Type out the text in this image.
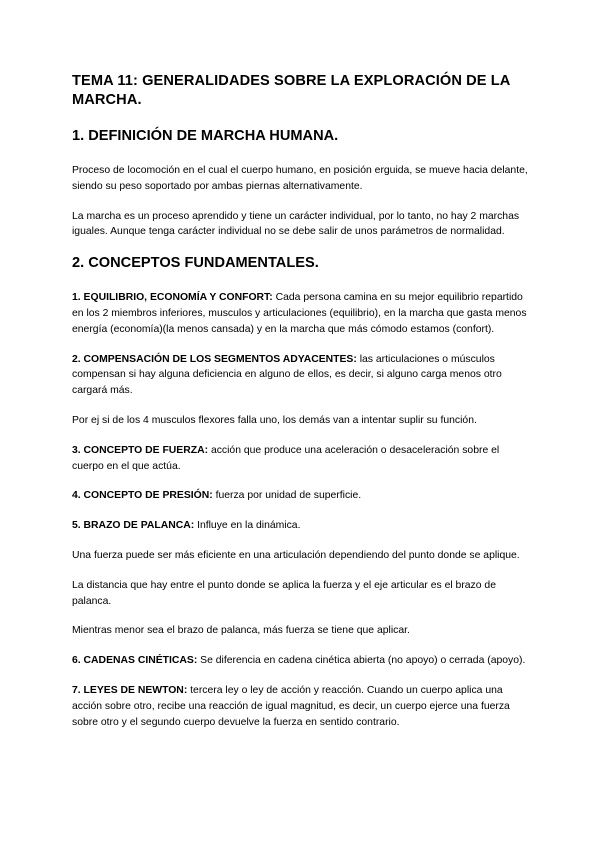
TEMA 11: GENERALIDADES SOBRE LA EXPLORACIÓN DE LA MARCHA.
1. DEFINICIÓN DE MARCHA HUMANA.

Proceso de locomoción en el cual el cuerpo humano, en posición erguida, se mueve hacia delante, siendo su peso soportado por ambas piernas alternativamente.

La marcha es un proceso aprendido y tiene un carácter individual, por lo tanto, no hay 2 marchas iguales. Aunque tenga carácter individual no se debe salir de unos parámetros de normalidad.

2. CONCEPTOS FUNDAMENTALES.

1. EQUILIBRIO, ECONOMÍA Y CONFORT: Cada persona camina en su mejor equilibrio repartido en los 2 miembros inferiores, musculos y articulaciones (equilibrio), en la marcha que gasta menos energía (economía)(la menos cansada) y en la marcha que más cómodo estamos (confort).

2. COMPENSACIÓN DE LOS SEGMENTOS ADYACENTES: las articulaciones o músculos compensan si hay alguna deficiencia en alguno de ellos, es decir, si alguno carga menos otro cargará más.

Por ej si de los 4 musculos flexores falla uno, los demás van a intentar suplir su función.

3. CONCEPTO DE FUERZA: acción que produce una aceleración o desaceleración sobre el cuerpo en el que actúa.

4. CONCEPTO DE PRESIÓN: fuerza por unidad de superficie.

5. BRAZO DE PALANCA: Influye en la dinámica.

Una fuerza puede ser más eficiente en una articulación dependiendo del punto donde se aplique.

La distancia que hay entre el punto donde se aplica la fuerza y el eje articular es el brazo de palanca.

Mientras menor sea el brazo de palanca, más fuerza se tiene que aplicar.

6. CADENAS CINÉTICAS: Se diferencia en cadena cinética abierta (no apoyo) o cerrada (apoyo).

7. LEYES DE NEWTON: tercera ley o ley de acción y reacción. Cuando un cuerpo aplica una acción sobre otro, recibe una reacción de igual magnitud, es decir, un cuerpo ejerce una fuerza sobre otro y el segundo cuerpo devuelve la fuerza en sentido contrario.
